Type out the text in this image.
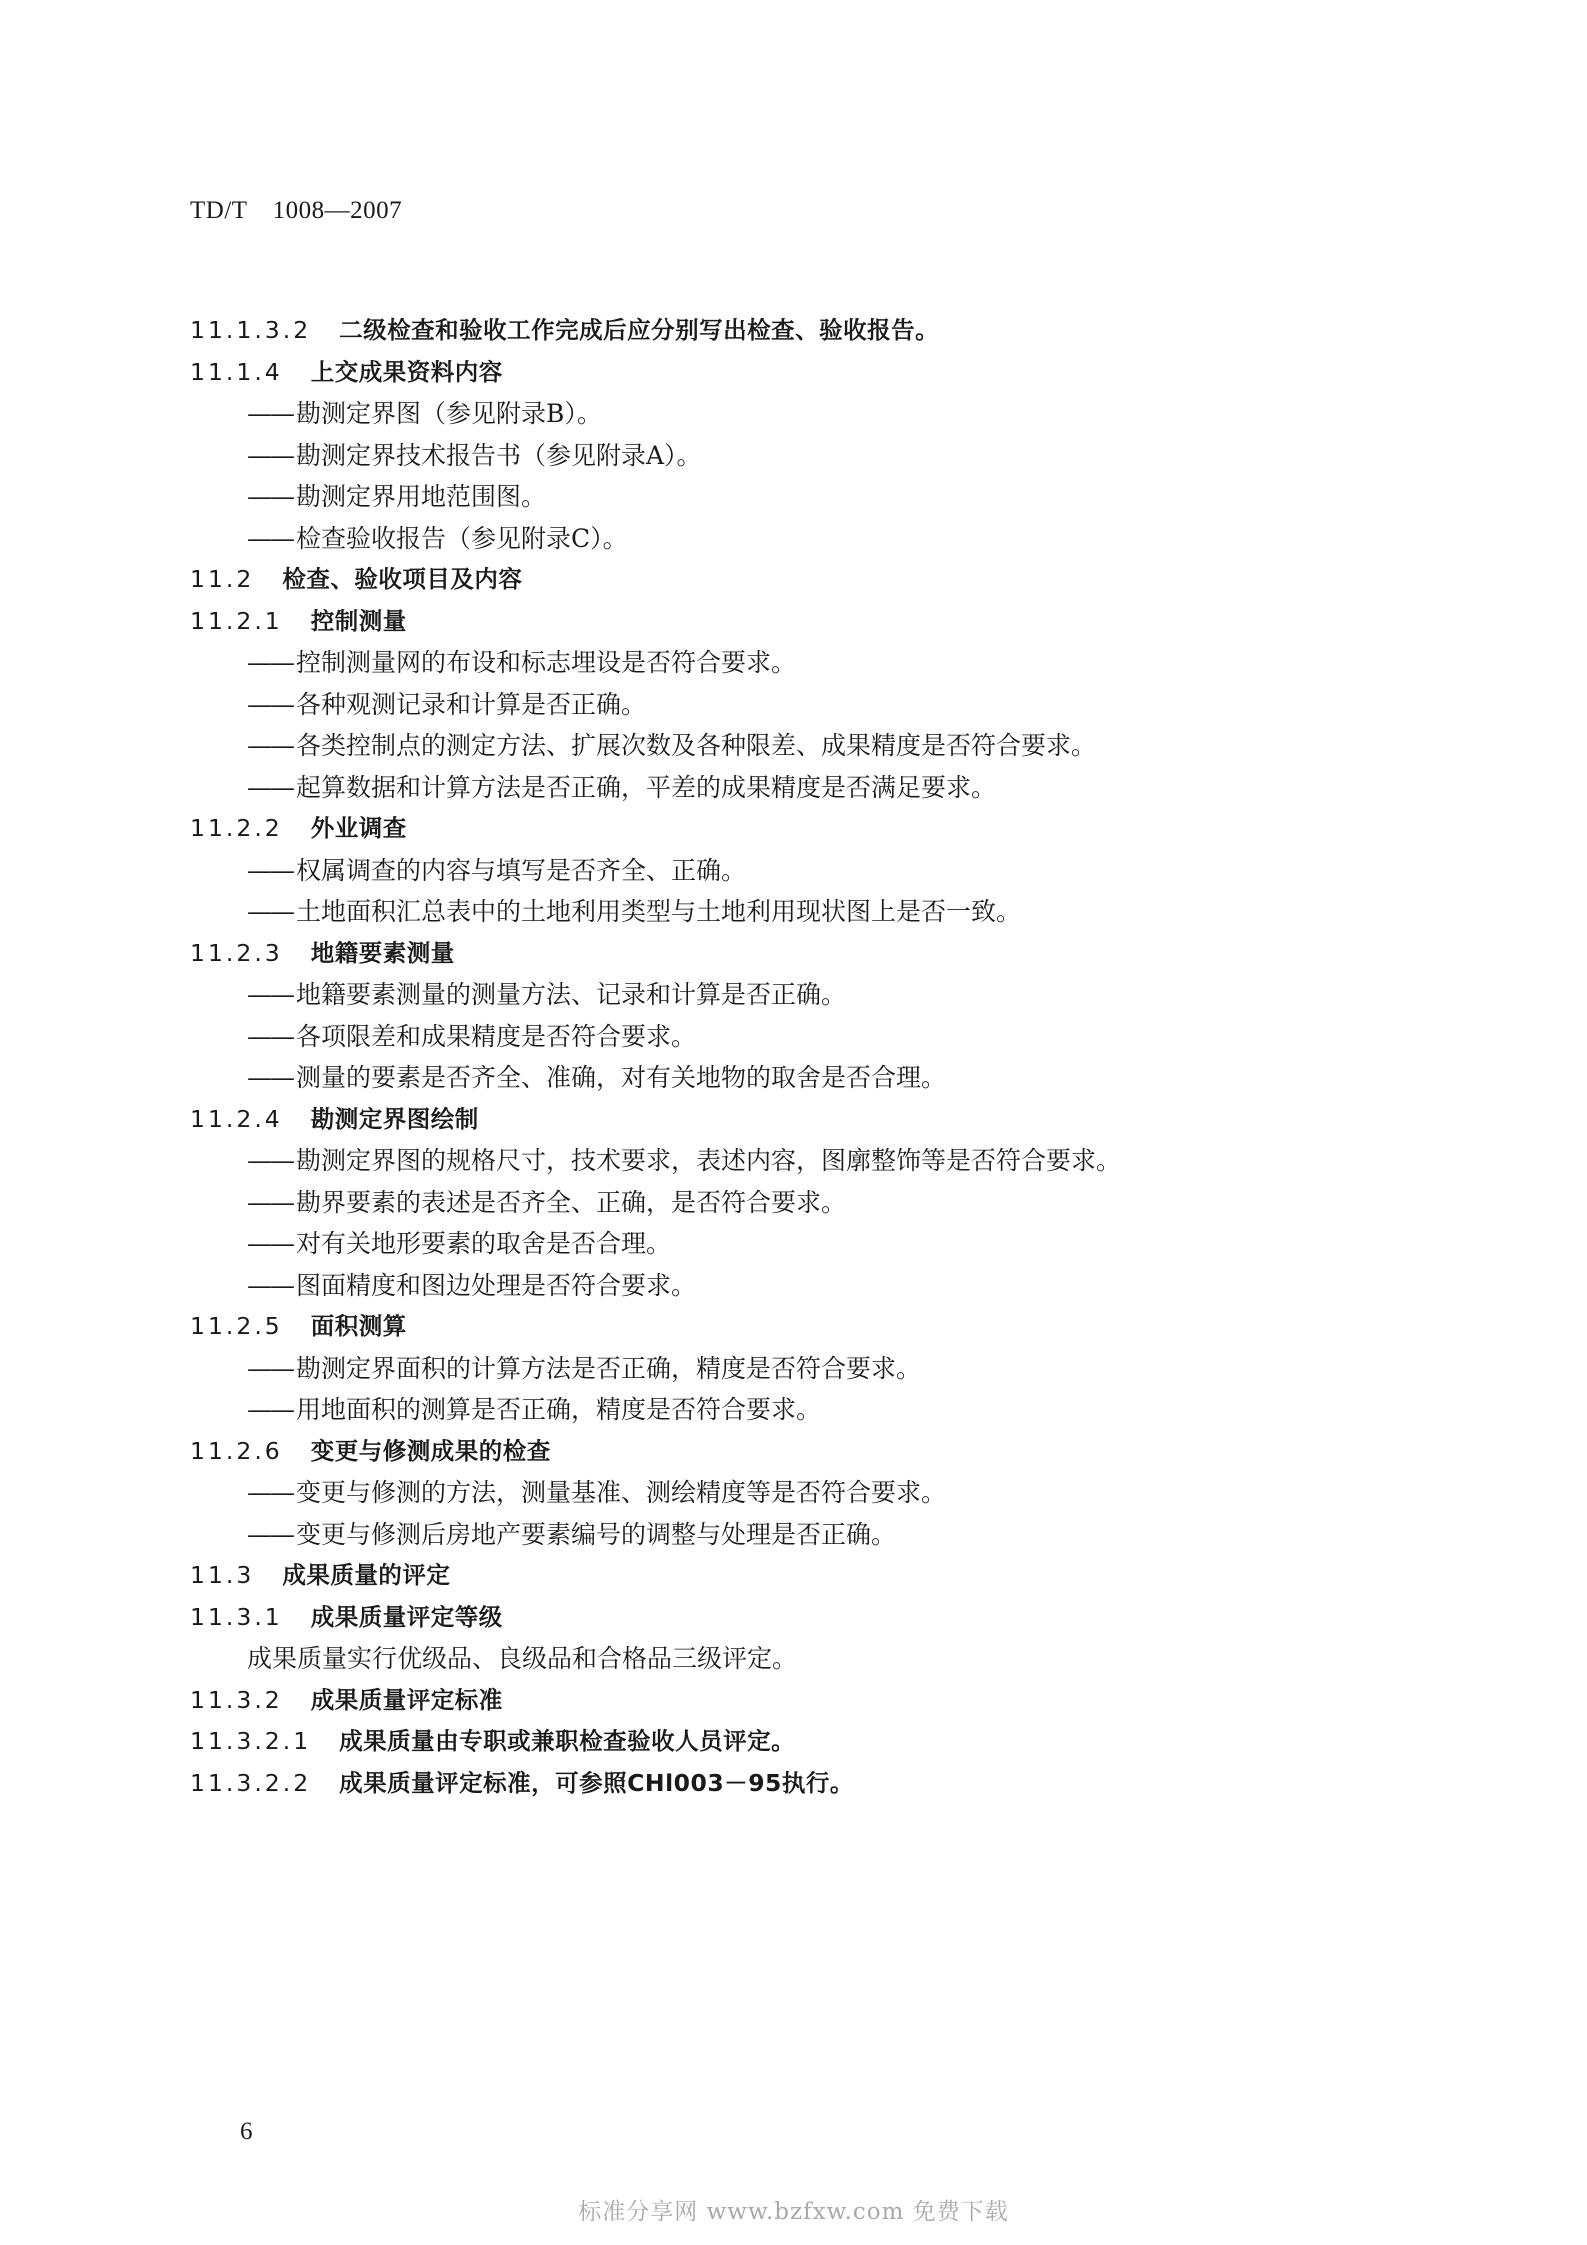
TD/T　1008—2007
11.1.3.2 二级检查和验收工作完成后应分别写出检查、验收报告。
11.1.4 上交成果资料内容
—— 勘测定界图（参见附录B）。
—— 勘测定界技术报告书（参见附录A）。
—— 勘测定界用地范围图。
—— 检查验收报告（参见附录C）。
11.2 检查、验收项目及内容
11.2.1 控制测量
—— 控制测量网的布设和标志埋设是否符合要求。
—— 各种观测记录和计算是否正确。
—— 各类控制点的测定方法、扩展次数及各种限差、成果精度是否符合要求。
—— 起算数据和计算方法是否正确，平差的成果精度是否满足要求。
11.2.2 外业调查
—— 权属调查的内容与填写是否齐全、正确。
—— 土地面积汇总表中的土地利用类型与土地利用现状图上是否一致。
11.2.3 地籍要素测量
—— 地籍要素测量的测量方法、记录和计算是否正确。
—— 各项限差和成果精度是否符合要求。
—— 测量的要素是否齐全、准确，对有关地物的取舍是否合理。
11.2.4 勘测定界图绘制
—— 勘测定界图的规格尺寸，技术要求，表述内容，图廓整饰等是否符合要求。
—— 勘界要素的表述是否齐全、正确，是否符合要求。
—— 对有关地形要素的取舍是否合理。
—— 图面精度和图边处理是否符合要求。
11.2.5 面积测算
—— 勘测定界面积的计算方法是否正确，精度是否符合要求。
—— 用地面积的测算是否正确，精度是否符合要求。
11.2.6 变更与修测成果的检查
—— 变更与修测的方法，测量基准、测绘精度等是否符合要求。
—— 变更与修测后房地产要素编号的调整与处理是否正确。
11.3 成果质量的评定
11.3.1 成果质量评定等级
成果质量实行优级品、良级品和合格品三级评定。
11.3.2 成果质量评定标准
11.3.2.1 成果质量由专职或兼职检查验收人员评定。
11.3.2.2 成果质量评定标准，可参照CHl003－95执行。
6
标准分享网 www.bzfxw.com 免费下载
